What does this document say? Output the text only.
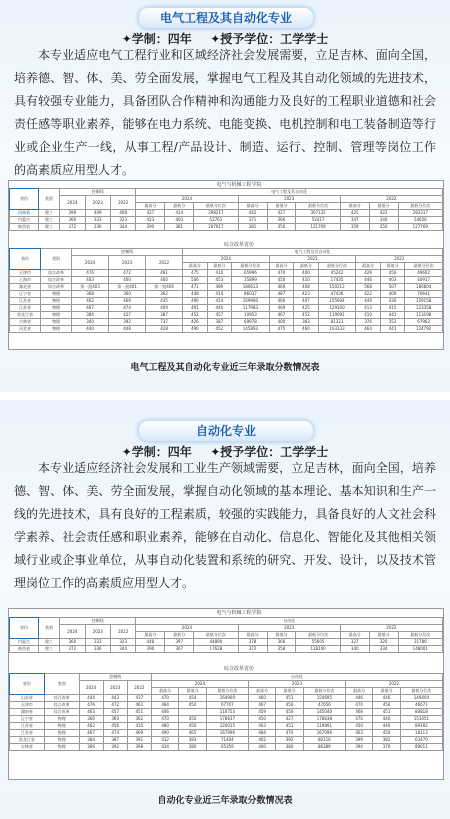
电气工程及其自动化专业
✦学制：四年 ✦授予学位：工学学士
本专业适应电气工程行业和区域经济社会发展需要，立足吉林、面向全国，培养德、智、体、美、劳全面发展，掌握电气工程及其自动化领域的先进技术，具有较强专业能力，具备团队合作精神和沟通能力及良好的工程职业道德和社会责任感等职业素养，能够在电力系统、电能变换、电机控制和电工装备制造等行业或企业生产一线，从事工程/产品设计、制造、运行、控制、管理等岗位工作的高素质应用型人才。
电气与机械工程学院
省份	类别	控制线			电气工程及其自动化								
		2024	2023	2022	2024			2023			2022		
					最高分	最低分	最低分位次	最高分	最低分	最低分位次	最高分	最低分	最低分位次
河南省	理工	399	409	408	427	414	298217	442	427	307135	425	422	283317
内蒙古	理工	360	333	323	423	403	52761	371	366	52417	347	340	54656
陕西省	理工	372	336	344	390	381	207617	381	356	121709	359	350	127769
综合改革省份
省份	类别	控制线			电气工程及其自动化								
		2024	2023	2022	2024			2023			2022		
					最高分	最低分	最低分位次	最高分	最低分	最低分位次	最高分	最低分	最低分位次
天津市	综合改革	476	472	461	475	410	65996	470	400	45242	429	456	49602
上海市	综合改革	403	400	400	506	453	35899	450	410	17435	446	403	40917
湖北省	综合改革	第一批403	第一批401	第一批406	471	489	180613	469	408	150212	568	507	180804
辽宁省	物理	368	360	362	448	414	86037	487	423	47436	422	409	70641
江苏省	物理	462	469	435	490	414	169960	460	407	155604	449	430	159158
江苏省	物理	467	474	409	491	440	117983	469	425	129100	413	415	123358
黑龙江省	物理	384	427	387	452	457	10953	467	452	119091	410	441	113198
吉林省	物理	340	392	737	426	387	69978	400	383	81323	376	352	67962
河北省	物理	440	448	428	490	452	145893	475	460	103133	464	441	124792
电气工程及其自动化专业近三年录取分数情况表
自动化专业
✦学制：四年 ✦授予学位：工学学士
本专业适应经济社会发展和工业生产领域需要，立足吉林，面向全国，培养德、智、体、美、劳全面发展，掌握自动化领域的基本理论、基本知识和生产一线的先进技术，具有良好的工程素质，较强的实践能力，具备良好的人文社会科学素养、社会责任感和职业素养，能够在自动化、信息化、智能化及其他相关领域行业或企事业单位，从事自动化装置和系统的研究、开发、设计，以及技术管理岗位工作的高素质应用型人才。
电气与机械工程学院
省份	类别	控制线			自动化								
		2024	2023	2022	2024			2023			2022		
					最高分	最低分	最低分位次	最高分	最低分	最低分位次	最高分	最低分	最低分位次
内蒙古	理工	360	333	323	448	397	44890	378	366	55605	327	320	31786
陕西省	理工	372	336	344	390	367	17628	372	358	118100	340	334	148001
综合改革省份
省份	类别	控制线			自动化								
		2024	2023	2022	2024			2023			2022		
					最高分	最低分	最低分位次	最高分	最低分	最低分位次	最高分	最低分	最低分位次
山东省	综合改革	444	443	437	470	454	164900	460	451	154695	446	446	149404
天津市	综合改革	476	472	461	484	450	67707	467	450	47656	470	456	46671
湖南省	综合改革	463	457	451	446		116753	459	450	145040	468	451	80818
辽宁省	物理	360	360	362	470	450	178837	450	427	178838	470	440	153451
江苏省	物理	462	456	435	480	450	120015	463	451	119891	450	440	89182
江苏省	物理	467	474	469	490	465	167996	484	470	167096	463	450	18113
黑龙江省	物理	384	387	391	412	383	71404	402	392	80116	399	382	63470
吉林省	物理	366	392	398	434	380	65359	400	380	86389	394	370	89011
自动化专业近三年录取分数情况表
